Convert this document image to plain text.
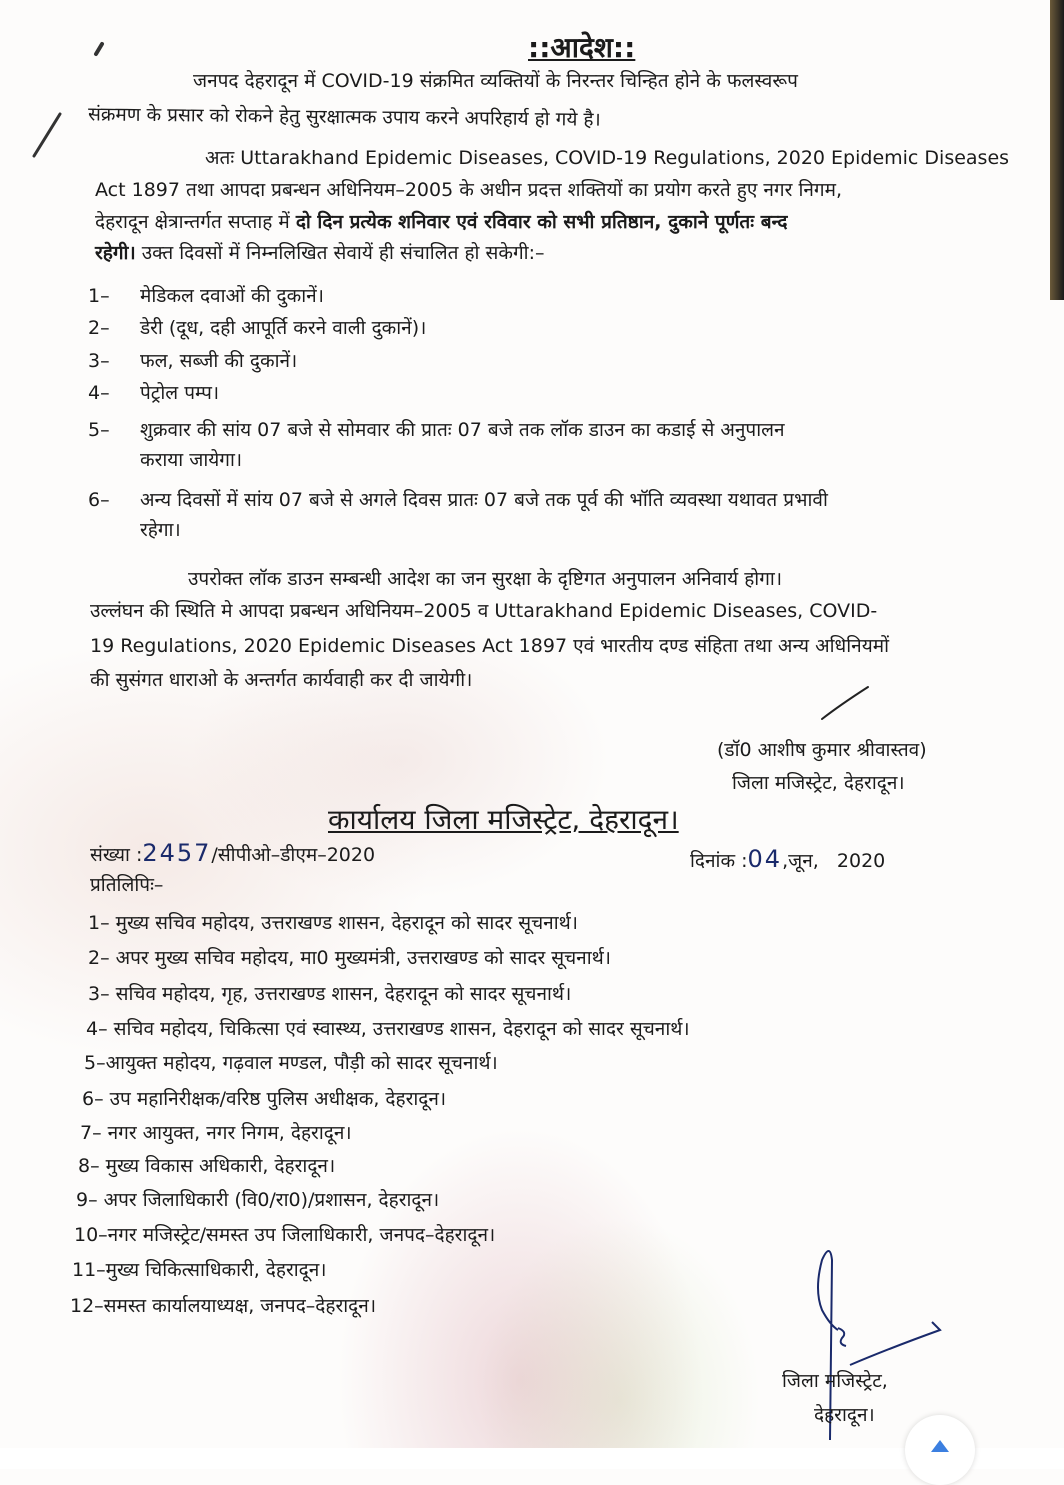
::आदेश::
जनपद देहरादून में COVID-19 संक्रमित व्यक्तियों के निरन्तर चिन्हित होने के फलस्वरूप
संक्रमण के प्रसार को रोकने हेतु सुरक्षात्मक उपाय करने अपरिहार्य हो गये है।
अतः Uttarakhand Epidemic Diseases, COVID-19 Regulations, 2020 Epidemic Diseases
Act 1897 तथा आपदा प्रबन्धन अधिनियम–2005 के अधीन प्रदत्त शक्तियों का प्रयोग करते हुए नगर निगम,
देहरादून क्षेत्रान्तर्गत सप्ताह में दो दिन प्रत्येक शनिवार एवं रविवार को सभी प्रतिष्ठान, दुकाने पूर्णतः बन्द
रहेगी। उक्त दिवसों में निम्नलिखित सेवायें ही संचालित हो सकेगी:–
1– मेडिकल दवाओं की दुकानें।
2– डेरी (दूध, दही आपूर्ति करने वाली दुकानें)।
3– फल, सब्जी की दुकानें।
4– पेट्रोल पम्प।
5– शुक्रवार की सांय 07 बजे से सोमवार की प्रातः 07 बजे तक लॉक डाउन का कडाई से अनुपालन
कराया जायेगा।
6– अन्य दिवसों में सांय 07 बजे से अगले दिवस प्रातः 07 बजे तक पूर्व की भॉति व्यवस्था यथावत प्रभावी
रहेगा।
उपरोक्त लॉक डाउन सम्बन्धी आदेश का जन सुरक्षा के दृष्टिगत अनुपालन अनिवार्य होगा।
उल्लंघन की स्थिति मे आपदा प्रबन्धन अधिनियम–2005 व Uttarakhand Epidemic Diseases, COVID-
19 Regulations, 2020 Epidemic Diseases Act 1897 एवं भारतीय दण्ड संहिता तथा अन्य अधिनियमों
की सुसंगत धाराओ के अन्तर्गत कार्यवाही कर दी जायेगी।
(डॉ0 आशीष कुमार श्रीवास्तव)
जिला मजिस्ट्रेट, देहरादून।
कार्यालय जिला मजिस्ट्रेट, देहरादून।
संख्या :2457/सीपीओ–डीएम–2020	दिनांक :04,जून,   2020
प्रतिलिपिः–
1– मुख्य सचिव महोदय, उत्तराखण्ड शासन, देहरादून को सादर सूचनार्थ।
2– अपर मुख्य सचिव महोदय, मा0 मुख्यमंत्री, उत्तराखण्ड को सादर सूचनार्थ।
3– सचिव महोदय, गृह, उत्तराखण्ड शासन, देहरादून को सादर सूचनार्थ।
4– सचिव महोदय, चिकित्सा एवं स्वास्थ्य, उत्तराखण्ड शासन, देहरादून को सादर सूचनार्थ।
5–आयुक्त महोदय, गढ़वाल मण्डल, पौड़ी को सादर सूचनार्थ।
6– उप महानिरीक्षक/वरिष्ठ पुलिस अधीक्षक, देहरादून।
7– नगर आयुक्त, नगर निगम, देहरादून।
8– मुख्य विकास अधिकारी, देहरादून।
9– अपर जिलाधिकारी (वि0/रा0)/प्रशासन, देहरादून।
10–नगर मजिस्ट्रेट/समस्त उप जिलाधिकारी, जनपद–देहरादून।
11–मुख्य चिकित्साधिकारी, देहरादून।
12–समस्त कार्यालयाध्यक्ष, जनपद–देहरादून।
जिला मजिस्ट्रेट,
देहरादून।
